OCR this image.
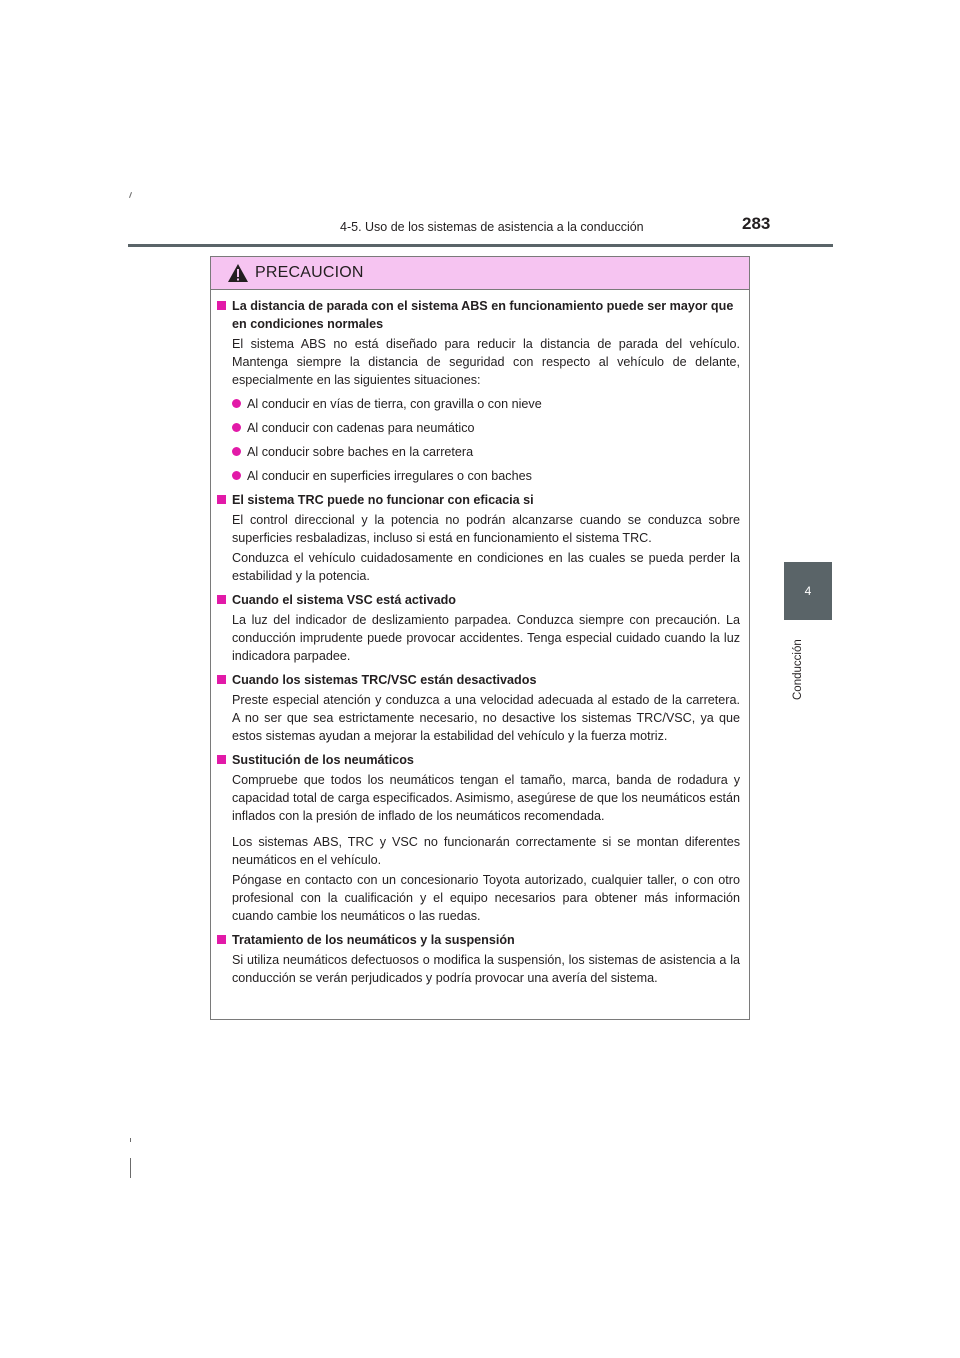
4-5. Uso de los sistemas de asistencia a la conducción	283
4
Conducción
PRECAUCION
La distancia de parada con el sistema ABS en funcionamiento puede ser mayor que en condiciones normales
El sistema ABS no está diseñado para reducir la distancia de parada del vehículo. Mantenga siempre la distancia de seguridad con respecto al vehículo de delante, especialmente en las siguientes situaciones:
Al conducir en vías de tierra, con gravilla o con nieve
Al conducir con cadenas para neumático
Al conducir sobre baches en la carretera
Al conducir en superficies irregulares o con baches
El sistema TRC puede no funcionar con eficacia si
El control direccional y la potencia no podrán alcanzarse cuando se conduzca sobre superficies resbaladizas, incluso si está en funcionamiento el sistema TRC.
Conduzca el vehículo cuidadosamente en condiciones en las cuales se pueda perder la estabilidad y la potencia.
Cuando el sistema VSC está activado
La luz del indicador de deslizamiento parpadea. Conduzca siempre con precaución. La conducción imprudente puede provocar accidentes. Tenga especial cuidado cuando la luz indicadora parpadee.
Cuando los sistemas TRC/VSC están desactivados
Preste especial atención y conduzca a una velocidad adecuada al estado de la carretera. A no ser que sea estrictamente necesario, no desactive los sistemas TRC/VSC, ya que estos sistemas ayudan a mejorar la estabilidad del vehículo y la fuerza motriz.
Sustitución de los neumáticos
Compruebe que todos los neumáticos tengan el tamaño, marca, banda de rodadura y capacidad total de carga especificados. Asimismo, asegúrese de que los neumáticos están inflados con la presión de inflado de los neumáticos recomendada.
Los sistemas ABS, TRC y VSC no funcionarán correctamente si se montan diferentes neumáticos en el vehículo.
Póngase en contacto con un concesionario Toyota autorizado, cualquier taller, o con otro profesional con la cualificación y el equipo necesarios para obtener más información cuando cambie los neumáticos o las ruedas.
Tratamiento de los neumáticos y la suspensión
Si utiliza neumáticos defectuosos o modifica la suspensión, los sistemas de asistencia a la conducción se verán perjudicados y podría provocar una avería del sistema.
